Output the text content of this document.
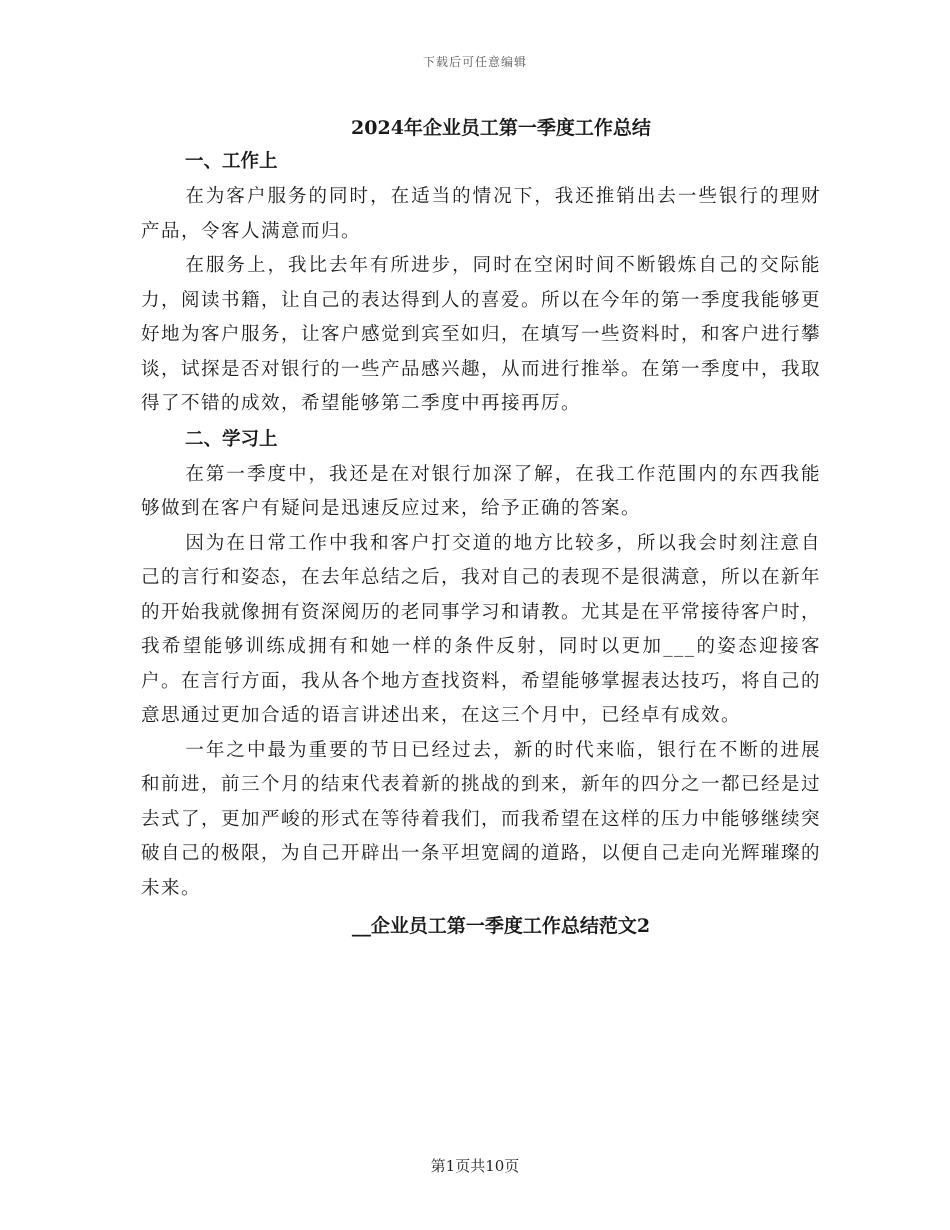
下载后可任意编辑
2024年企业员工第一季度工作总结
一、工作上

在为客户服务的同时，在适当的情况下，我还推销出去一些银行的理财产品，令客人满意而归。

在服务上，我比去年有所进步，同时在空闲时间不断锻炼自己的交际能力，阅读书籍，让自己的表达得到人的喜爱。所以在今年的第一季度我能够更好地为客户服务，让客户感觉到宾至如归，在填写一些资料时，和客户进行攀谈，试探是否对银行的一些产品感兴趣，从而进行推举。在第一季度中，我取得了不错的成效，希望能够第二季度中再接再厉。

二、学习上

在第一季度中，我还是在对银行加深了解，在我工作范围内的东西我能够做到在客户有疑问是迅速反应过来，给予正确的答案。

因为在日常工作中我和客户打交道的地方比较多，所以我会时刻注意自己的言行和姿态，在去年总结之后，我对自己的表现不是很满意，所以在新年的开始我就像拥有资深阅历的老同事学习和请教。尤其是在平常接待客户时，我希望能够训练成拥有和她一样的条件反射，同时以更加___的姿态迎接客户。在言行方面，我从各个地方查找资料，希望能够掌握表达技巧，将自己的意思通过更加合适的语言讲述出来，在这三个月中，已经卓有成效。

一年之中最为重要的节日已经过去，新的时代来临，银行在不断的进展和前进，前三个月的结束代表着新的挑战的到来，新年的四分之一都已经是过去式了，更加严峻的形式在等待着我们，而我希望在这样的压力中能够继续突破自己的极限，为自己开辟出一条平坦宽阔的道路，以便自己走向光辉璀璨的未来。

__企业员工第一季度工作总结范文2
第1页共10页
